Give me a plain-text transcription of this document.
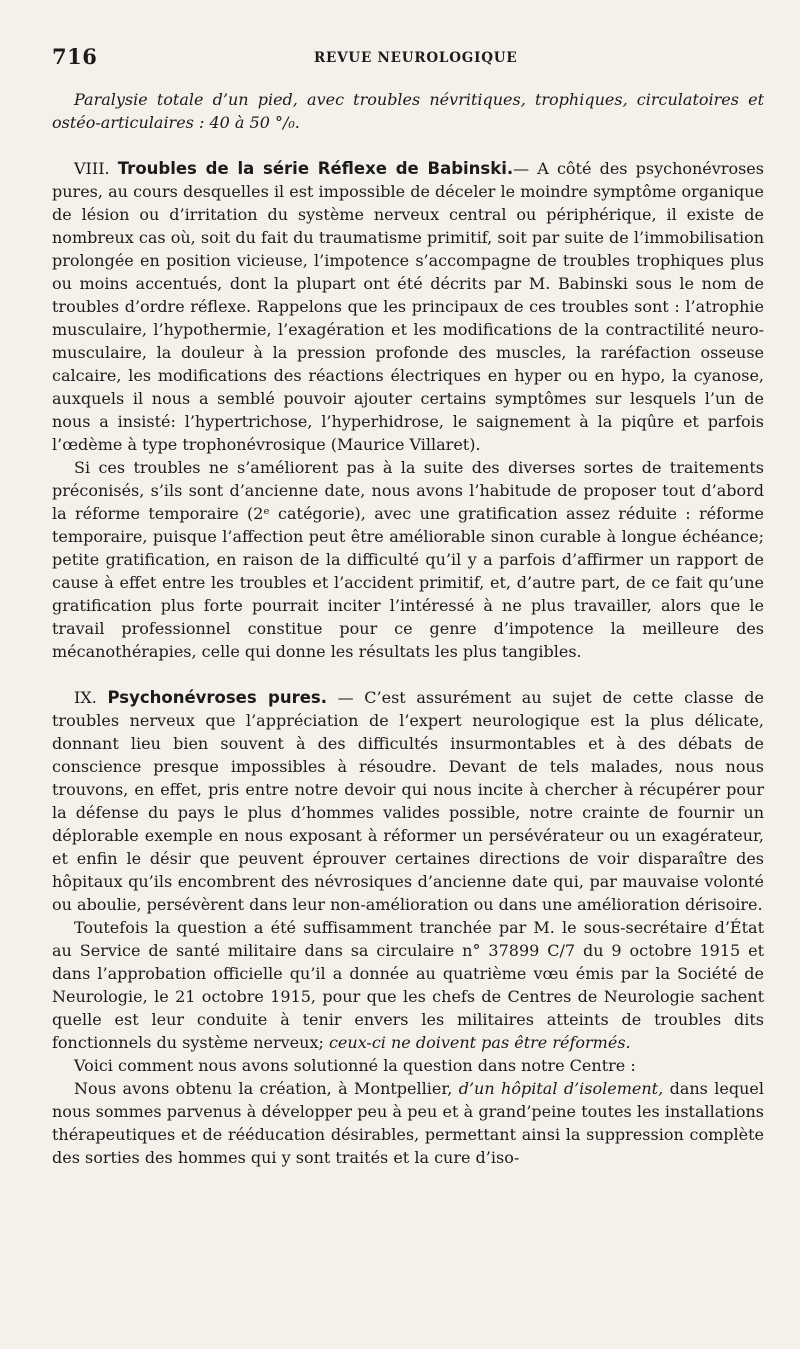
716	REVUE NEUROLOGIQUE

Paralysie totale d’un pied, avec troubles névritiques, trophiques, circulatoires et ostéo-articulaires : 40 à 50 °/₀.

VIII. Troubles de la série Réflexe de Babinski.— A côté des psychonévroses pures, au cours desquelles il est impossible de déceler le moindre symptôme organique de lésion ou d’irritation du système nerveux central ou périphérique, il existe de nombreux cas où, soit du fait du traumatisme primitif, soit par suite de l’immobilisation prolongée en position vicieuse, l’impotence s’accompagne de troubles trophiques plus ou moins accentués, dont la plupart ont été décrits par M. Babinski sous le nom de troubles d’ordre réflexe. Rappelons que les principaux de ces troubles sont : l’atrophie musculaire, l’hypothermie, l’exagération et les modifications de la contractilité neuro-musculaire, la douleur à la pression profonde des muscles, la raréfaction osseuse calcaire, les modifications des réactions électriques en hyper ou en hypo, la cyanose, auxquels il nous a semblé pouvoir ajouter certains symptômes sur lesquels l’un de nous a insisté: l’hypertrichose, l’hyperhidrose, le saignement à la piqûre et parfois l’œdème à type trophonévrosique (Maurice Villaret).

Si ces troubles ne s’améliorent pas à la suite des diverses sortes de traitements préconisés, s’ils sont d’ancienne date, nous avons l’habitude de proposer tout d’abord la réforme temporaire (2ᵉ catégorie), avec une gratification assez réduite : réforme temporaire, puisque l’affection peut être améliorable sinon curable à longue échéance; petite gratification, en raison de la difficulté qu’il y a parfois d’affirmer un rapport de cause à effet entre les troubles et l’accident primitif, et, d’autre part, de ce fait qu’une gratification plus forte pourrait inciter l’intéressé à ne plus travailler, alors que le travail professionnel constitue pour ce genre d’impotence la meilleure des mécanothérapies, celle qui donne les résultats les plus tangibles.

IX. Psychonévroses pures. — C’est assurément au sujet de cette classe de troubles nerveux que l’appréciation de l’expert neurologique est la plus délicate, donnant lieu bien souvent à des difficultés insurmontables et à des débats de conscience presque impossibles à résoudre. Devant de tels malades, nous nous trouvons, en effet, pris entre notre devoir qui nous incite à chercher à récupérer pour la défense du pays le plus d’hommes valides possible, notre crainte de fournir un déplorable exemple en nous exposant à réformer un persévérateur ou un exagérateur, et enfin le désir que peuvent éprouver certaines directions de voir disparaître des hôpitaux qu’ils encombrent des névrosiques d’ancienne date qui, par mauvaise volonté ou aboulie, persévèrent dans leur non-amélioration ou dans une amélioration dérisoire.

Toutefois la question a été suffisamment tranchée par M. le sous-secrétaire d’État au Service de santé militaire dans sa circulaire n° 37899 C/7 du 9 octobre 1915 et dans l’approbation officielle qu’il a donnée au quatrième vœu émis par la Société de Neurologie, le 21 octobre 1915, pour que les chefs de Centres de Neurologie sachent quelle est leur conduite à tenir envers les militaires atteints de troubles dits fonctionnels du système nerveux; ceux-ci ne doivent pas être réformés.

Voici comment nous avons solutionné la question dans notre Centre :

Nous avons obtenu la création, à Montpellier, d’un hôpital d’isolement, dans lequel nous sommes parvenus à développer peu à peu et à grand’peine toutes les installations thérapeutiques et de rééducation désirables, permettant ainsi la suppression complète des sorties des hommes qui y sont traités et la cure d’iso-
